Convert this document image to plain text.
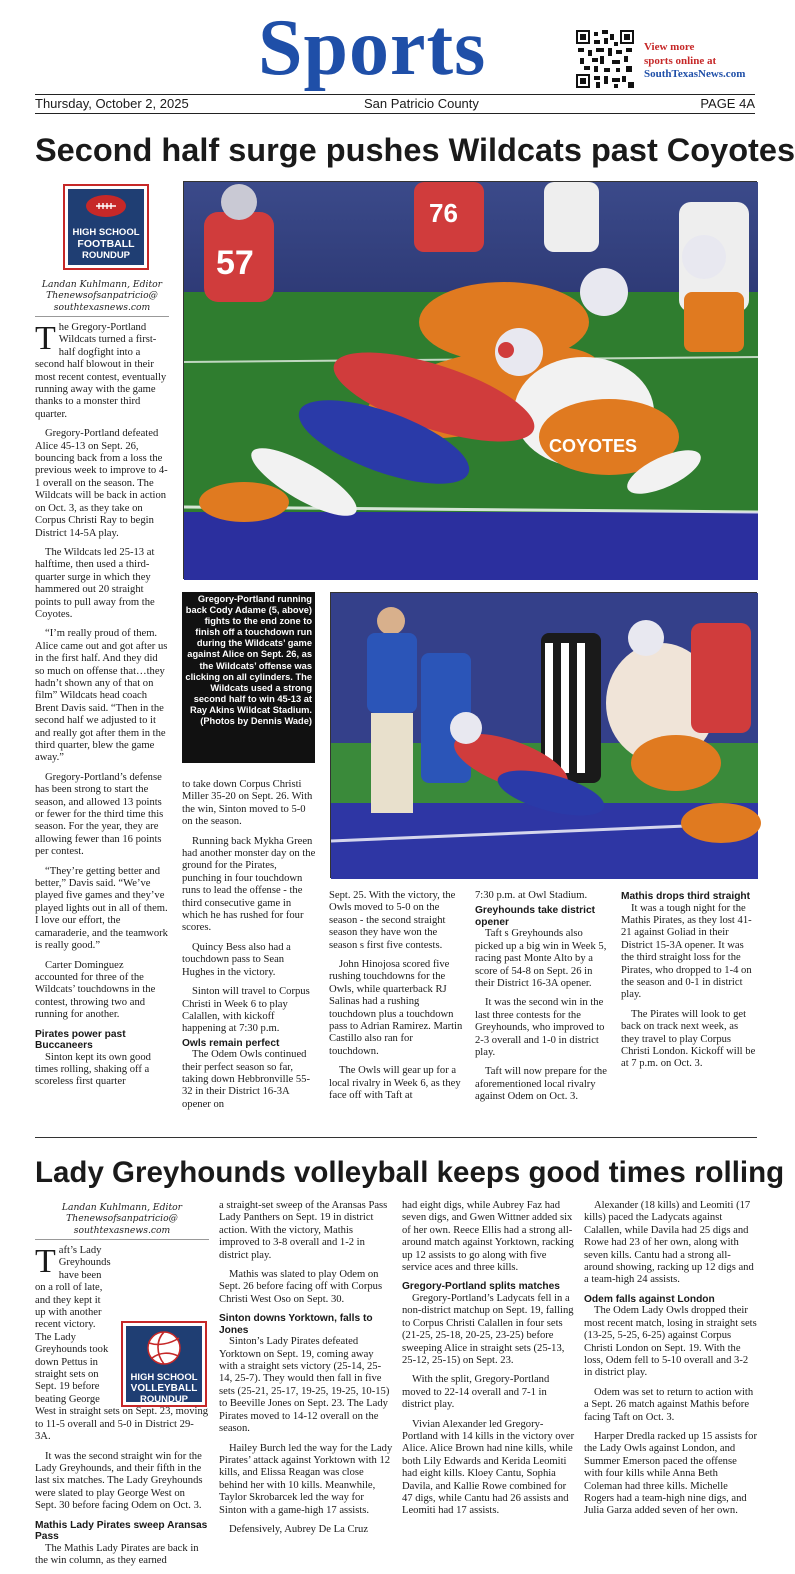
Sports	View more
sports online at
SouthTexasNews.com
Thursday, October 2, 2025	San Patricio County	PAGE 4A
Second half surge pushes Wildcats past Coyotes
HIGH SCHOOL
FOOTBALL
ROUNDUP
Landan Kuhlmann, Editor
Thenewsofsanpatricio@
southtexasnews.com

The Gregory-Portland Wildcats turned a first-half dogfight into a second half blowout in their most recent contest, eventually running away with the game thanks to a monster third quarter.

Gregory-Portland defeated Alice 45-13 on Sept. 26, bouncing back from a loss the previous week to improve to 4-1 overall on the season. The Wildcats will be back in action on Oct. 3, as they take on Corpus Christi Ray to begin District 14-5A play.

The Wildcats led 25-13 at halftime, then used a third-quarter surge in which they hammered out 20 straight points to pull away from the Coyotes.

“I’m really proud of them. Alice came out and got after us in the first half. And they did so much on offense that…they hadn’t shown any of that on film” Wildcats head coach Brent Davis said. “Then in the second half we adjusted to it and really got after them in the third quarter, blew the game away.”

Gregory-Portland’s defense has been strong to start the season, and allowed 13 points or fewer for the third time this season. For the year, they are allowing fewer than 16 points per contest.

“They’re getting better and better,” Davis said. “We’ve played five games and they’ve played lights out in all of them. I love our effort, the camaraderie, and the teamwork is really good.”

Carter Dominguez accounted for three of the Wildcats’ touchdowns in the contest, throwing two and running for another.

Pirates power past Buccaneers

Sinton kept its own good times rolling, shaking off a scoreless first quarter

57
76
COYOTES
Gregory-Portland running back Cody Adame (5, above) fights to the end zone to finish off a touchdown run during the Wildcats’ game against Alice on Sept. 26, as the Wildcats’ offense was clicking on all cylinders. The Wildcats used a strong second half to win 45-13 at Ray Akins Wildcat Stadium. (Photos by Dennis Wade)

to take down Corpus Christi Miller 35-20 on Sept. 26. With the win, Sinton moved to 5-0 on the season.

Running back Mykha Green had another monster day on the ground for the Pirates, punching in four touchdown runs to lead the offense - the third consecutive game in which he has rushed for four scores.

Quincy Bess also had a touchdown pass to Sean Hughes in the victory.

Sinton will travel to Corpus Christi in Week 6 to play Calallen, with kickoff happening at 7:30 p.m.

Owls remain perfect

The Odem Owls continued their perfect season so far, taking down Hebbronville 55-32 in their District 16-3A opener on

Sept. 25. With the victory, the Owls moved to 5-0 on the season - the second straight season they have won the season s first five contests.

John Hinojosa scored five rushing touchdowns for the Owls, while quarterback RJ Salinas had a rushing touchdown plus a touchdown pass to Adrian Ramirez. Martin Castillo also ran for touchdown.

The Owls will gear up for a local rivalry in Week 6, as they face off with Taft at

7:30 p.m. at Owl Stadium.

Greyhounds take district opener

Taft s Greyhounds also picked up a big win in Week 5, racing past Monte Alto by a score of 54-8 on Sept. 26 in their District 16-3A opener.

It was the second win in the last three contests for the Greyhounds, who improved to 2-3 overall and 1-0 in district play.

Taft will now prepare for the aforementioned local rivalry against Odem on Oct. 3.

Mathis drops third straight

It was a tough night for the Mathis Pirates, as they lost 41-21 against Goliad in their District 15-3A opener. It was the third straight loss for the Pirates, who dropped to 1-4 on the season and 0-1 in district play.

The Pirates will look to get back on track next week, as they travel to play Corpus Christi London. Kickoff will be at 7 p.m. on Oct. 3.

Lady Greyhounds volleyball keeps good times rolling
Landan Kuhlmann, Editor
Thenewsofsanpatricio@
southtexasnews.com
HIGH SCHOOL
VOLLEYBALL
ROUNDUP

Taft’s Lady Greyhounds have been on a roll of late, and they kept it up with another recent victory. The Lady Greyhounds took down Pettus in straight sets on Sept. 19 before beating George West in straight sets on Sept. 23, moving to 11-5 overall and 5-0 in District 29-3A.

It was the second straight win for the Lady Greyhounds, and their fifth in the last six matches. The Lady Greyhounds were slated to play George West on Sept. 30 before facing Odem on Oct. 3.

Mathis Lady Pirates sweep Aransas Pass

The Mathis Lady Pirates are back in the win column, as they earned

a straight-set sweep of the Aransas Pass Lady Panthers on Sept. 19 in district action. With the victory, Mathis improved to 3-8 overall and 1-2 in district play.

Mathis was slated to play Odem on Sept. 26 before facing off with Corpus Christi West Oso on Sept. 30.

Sinton downs Yorktown, falls to Jones

Sinton’s Lady Pirates defeated Yorktown on Sept. 19, coming away with a straight sets victory (25-14, 25-14, 25-7). They would then fall in five sets (25-21, 25-17, 19-25, 19-25, 10-15) to Beeville Jones on Sept. 23. The Lady Pirates moved to 14-12 overall on the season.

Hailey Burch led the way for the Lady Pirates’ attack against Yorktown with 12 kills, and Elissa Reagan was close behind her with 10 kills. Meanwhile, Taylor Skrobarcek led the way for Sinton with a game-high 17 assists.

Defensively, Aubrey De La Cruz

had eight digs, while Aubrey Faz had seven digs, and Gwen Wittner added six of her own. Reece Ellis had a strong all-around match against Yorktown, racking up 12 assists to go along with five service aces and three kills.

Gregory-Portland splits matches

Gregory-Portland’s Ladycats fell in a non-district matchup on Sept. 19, falling to Corpus Christi Calallen in four sets (21-25, 25-18, 20-25, 23-25) before sweeping Alice in straight sets (25-13, 25-12, 25-15) on Sept. 23.

With the split, Gregory-Portland moved to 22-14 overall and 7-1 in district play.

Vivian Alexander led Gregory-Portland with 14 kills in the victory over Alice. Alice Brown had nine kills, while both Lily Edwards and Kerida Leomiti had eight kills. Kloey Cantu, Sophia Davila, and Kallie Rowe combined for 47 digs, while Cantu had 26 assists and Leomiti had 17 assists.

Alexander (18 kills) and Leomiti (17 kills) paced the Ladycats against Calallen, while Davila had 25 digs and Rowe had 23 of her own, along with seven kills. Cantu had a strong all-around showing, racking up 12 digs and a team-high 24 assists.

Odem falls against London

The Odem Lady Owls dropped their most recent match, losing in straight sets (13-25, 5-25, 6-25) against Corpus Christi London on Sept. 19. With the loss, Odem fell to 5-10 overall and 3-2 in district play.

Odem was set to return to action with a Sept. 26 match against Mathis before facing Taft on Oct. 3.

Harper Dredla racked up 15 assists for the Lady Owls against London, and Summer Emerson paced the offense with four kills while Anna Beth Coleman had three kills. Michelle Rogers had a team-high nine digs, and Julia Garza added seven of her own.
